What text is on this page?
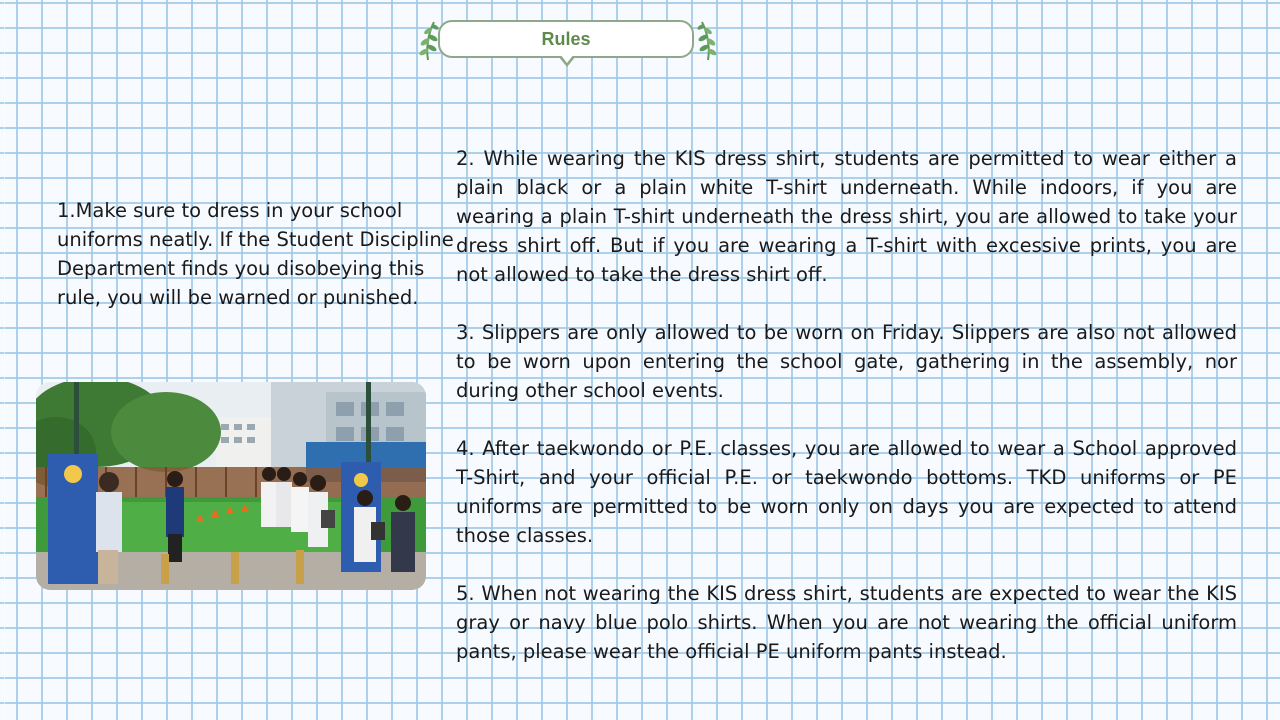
Rules
1.Make sure to dress in your school uniforms neatly. If the Student Discipline Department finds you disobeying this rule, you will be warned or punished.

2. While wearing the KIS dress shirt, students are permitted to wear either a plain black or a plain white T-shirt underneath. While indoors, if you are wearing a plain T-shirt underneath the dress shirt, you are allowed to take your dress shirt off. But if you are wearing a T-shirt with excessive prints, you are not allowed to take the dress shirt off.

3. Slippers are only allowed to be worn on Friday. Slippers are also not allowed to be worn upon entering the school gate, gathering in the assembly, nor during other school events.

4. After taekwondo or P.E. classes, you are allowed to wear a School approved T-Shirt, and your official P.E. or taekwondo bottoms. TKD uniforms or PE uniforms are permitted to be worn only on days you are expected to attend those classes.

5. When not wearing the KIS dress shirt, students are expected to wear the KIS gray or navy blue polo shirts. When you are not wearing the official uniform pants, please wear the official PE uniform pants instead.
